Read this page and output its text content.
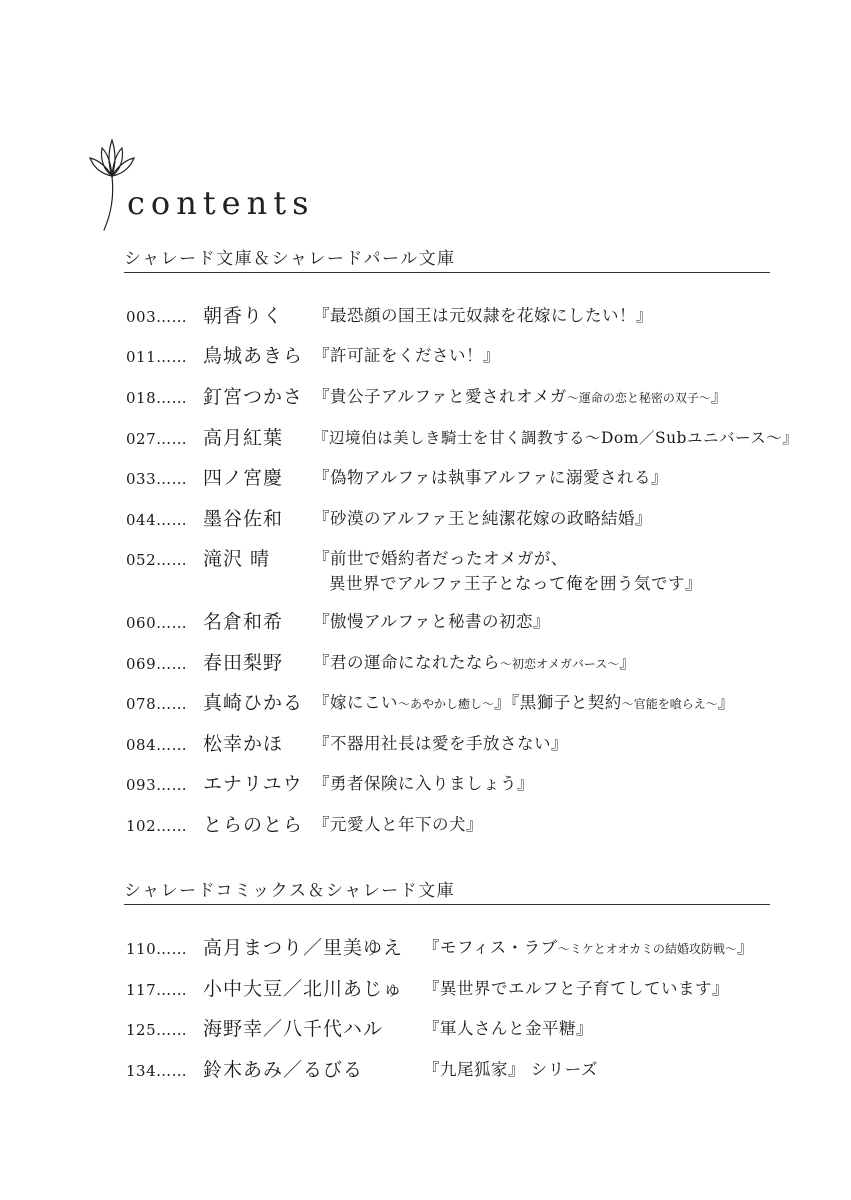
contents
シャレード文庫＆シャレードパール文庫
003…… 朝香りく 『最恐顔の国王は元奴隷を花嫁にしたい！』
011…… 鳥城あきら 『許可証をください！』
018…… 釘宮つかさ 『貴公子アルファと愛されオメガ〜運命の恋と秘密の双子〜』
027…… 高月紅葉 『辺境伯は美しき騎士を甘く調教する〜Dom／Subユニバース〜』
033…… 四ノ宮慶 『偽物アルファは執事アルファに溺愛される』
044…… 墨谷佐和 『砂漠のアルファ王と純潔花嫁の政略結婚』
052…… 滝沢 晴	『前世で婚約者だったオメガが、
異世界でアルファ王子となって俺を囲う気です』
060…… 名倉和希 『傲慢アルファと秘書の初恋』
069…… 春田梨野 『君の運命になれたなら〜初恋オメガバース〜』
078…… 真崎ひかる 『嫁にこい〜あやかし癒し〜』『黒獅子と契約〜官能を喰らえ〜』
084…… 松幸かほ 『不器用社長は愛を手放さない』
093…… エナリユウ 『勇者保険に入りましょう』
102…… とらのとら 『元愛人と年下の犬』
シャレードコミックス＆シャレード文庫
110…… 高月まつり／里美ゆえ 『モフィス・ラブ〜ミケとオオカミの結婚攻防戦〜』
117…… 小中大豆／北川あじゅ 『異世界でエルフと子育てしています』
125…… 海野幸／八千代ハル 『軍人さんと金平糖』
134…… 鈴木あみ／るびる	『九尾狐家』 シリーズ
